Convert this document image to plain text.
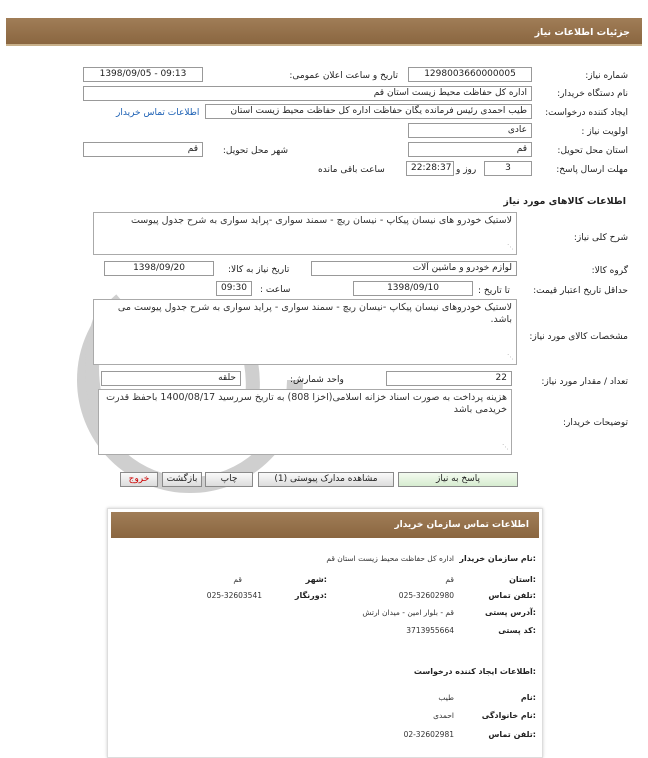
جزئیات اطلاعات نیاز
شماره نیاز:
1298003660000005
تاریخ و ساعت اعلان عمومی:
1398/09/05 - 09:13
نام دستگاه خریدار:
اداره کل حفاظت محیط زیست استان قم
ایجاد کننده درخواست:
طیب احمدی رئیس فرمانده یگان حفاظت اداره کل حفاظت محیط زیست استان
اطلاعات تماس خریدار
اولویت نیاز :
عادی
استان محل تحویل:
قم
شهر محل تحویل:
قم
مهلت ارسال پاسخ:
3
روز و
22:28:37
ساعت باقی مانده
اطلاعات کالاهای مورد نیاز
شرح کلی نیاز:
لاستیک خودرو های نیسان پیکاپ - نیسان ریچ - سمند سواری -پراید سواری به شرح جدول پیوست
⋰
گروه کالا:
لوازم خودرو و ماشین آلات
تاریخ نیاز به کالا:
1398/09/20
حداقل تاریخ اعتبار قیمت:
تا تاریخ :
1398/09/10
ساعت :
09:30
مشخصات کالای مورد نیاز:
لاستیک خودروهای نیسان پیکاپ -نیسان ریچ - سمند سواری - پراید سواری به شرح جدول پیوست می باشد.
⋰
تعداد / مقدار مورد نیاز:
22
واحد شمارش:
حلقه
توضیحات خریدار:
هزینه پرداخت به صورت اسناد خزانه اسلامی(اخزا 808) به تاریخ سررسید 1400/08/17 باحفظ قدرت خریدمی باشد
⋰
پاسخ به نیاز
مشاهده مدارک پیوستی (1)
چاپ
بازگشت
خروج
اطلاعات تماس سازمان خریدار
نام سازمان خریدار:
اداره کل حفاظت محیط زیست استان قم
استان:
قم
شهر:
قم
تلفن تماس:
025-32602980
دورنگار:
025-32603541
آدرس پستی:
قم - بلوار امین - میدان ارتش
کد پستی:
3713955664
اطلاعات ایجاد کننده درخواست:
نام:
طیب
نام خانوادگی:
احمدی
تلفن تماس:
02-32602981
